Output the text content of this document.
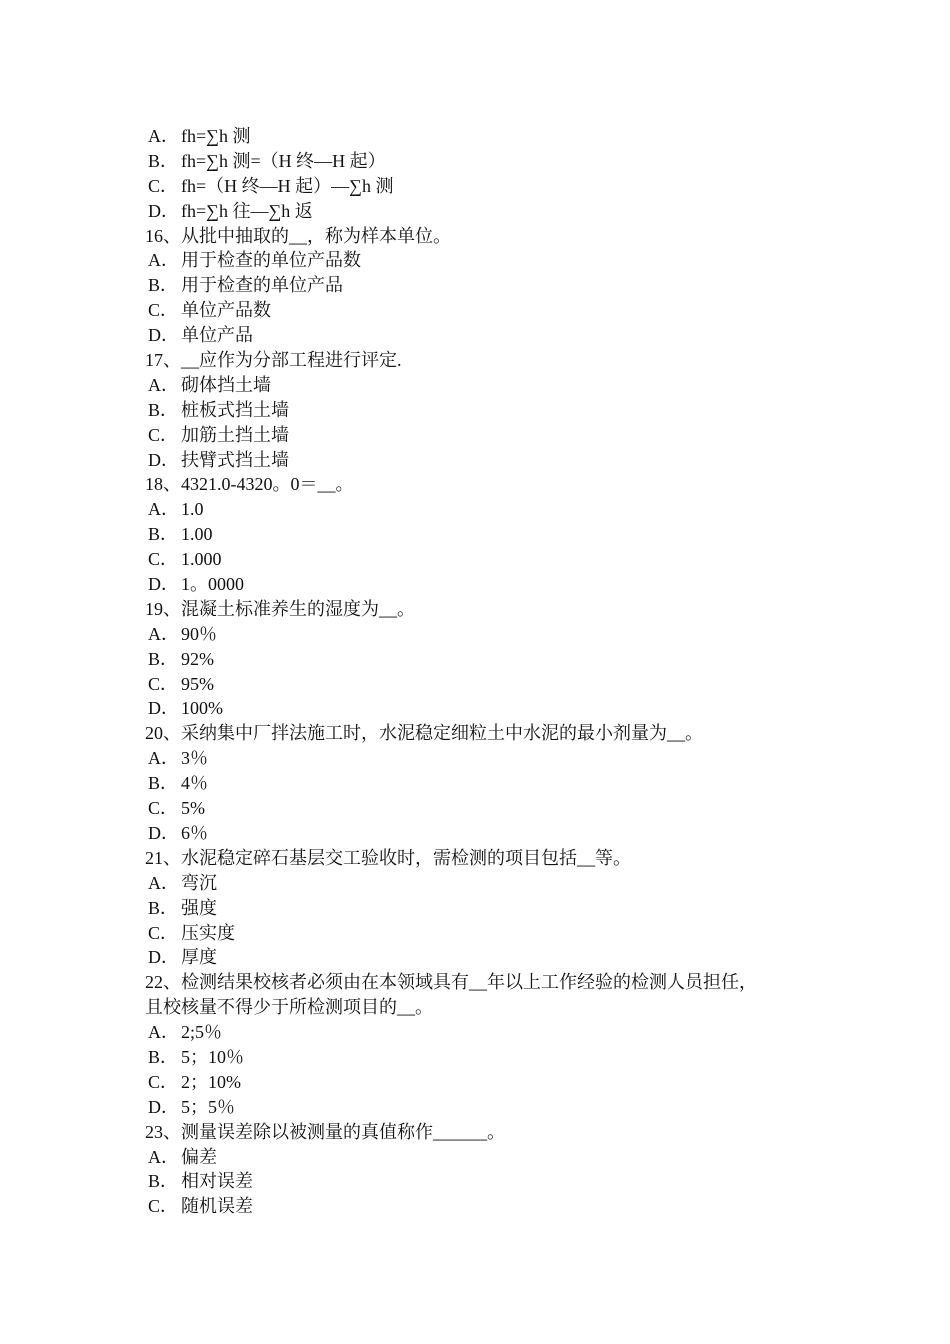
A． fh=∑h 测
B． fh=∑h 测=（H 终—H 起）
C． fh=（H 终—H 起）—∑h 测
D． fh=∑h 往—∑h 返
16、从批中抽取的__，称为样本单位。
A． 用于检查的单位产品数
B． 用于检查的单位产品
C． 单位产品数
D． 单位产品
17、__应作为分部工程进行评定.
A． 砌体挡土墙
B． 桩板式挡土墙
C． 加筋土挡土墙
D． 扶臂式挡土墙
18、4321.0-4320。0＝__。
A． 1.0
B． 1.00
C． 1.000
D． 1。0000
19、混凝土标准养生的湿度为__。
A． 90％
B． 92%
C． 95%
D． 100%
20、采纳集中厂拌法施工时，水泥稳定细粒土中水泥的最小剂量为__。
A． 3％
B． 4％
C． 5%
D． 6％
21、水泥稳定碎石基层交工验收时，需检测的项目包括__等。
A． 弯沉
B． 强度
C． 压实度
D． 厚度
22、检测结果校核者必须由在本领域具有__年以上工作经验的检测人员担任，
且校核量不得少于所检测项目的__。
A． 2;5％
B． 5；10％
C． 2；10%
D． 5；5％
23、测量误差除以被测量的真值称作______。
A． 偏差
B． 相对误差
C． 随机误差
